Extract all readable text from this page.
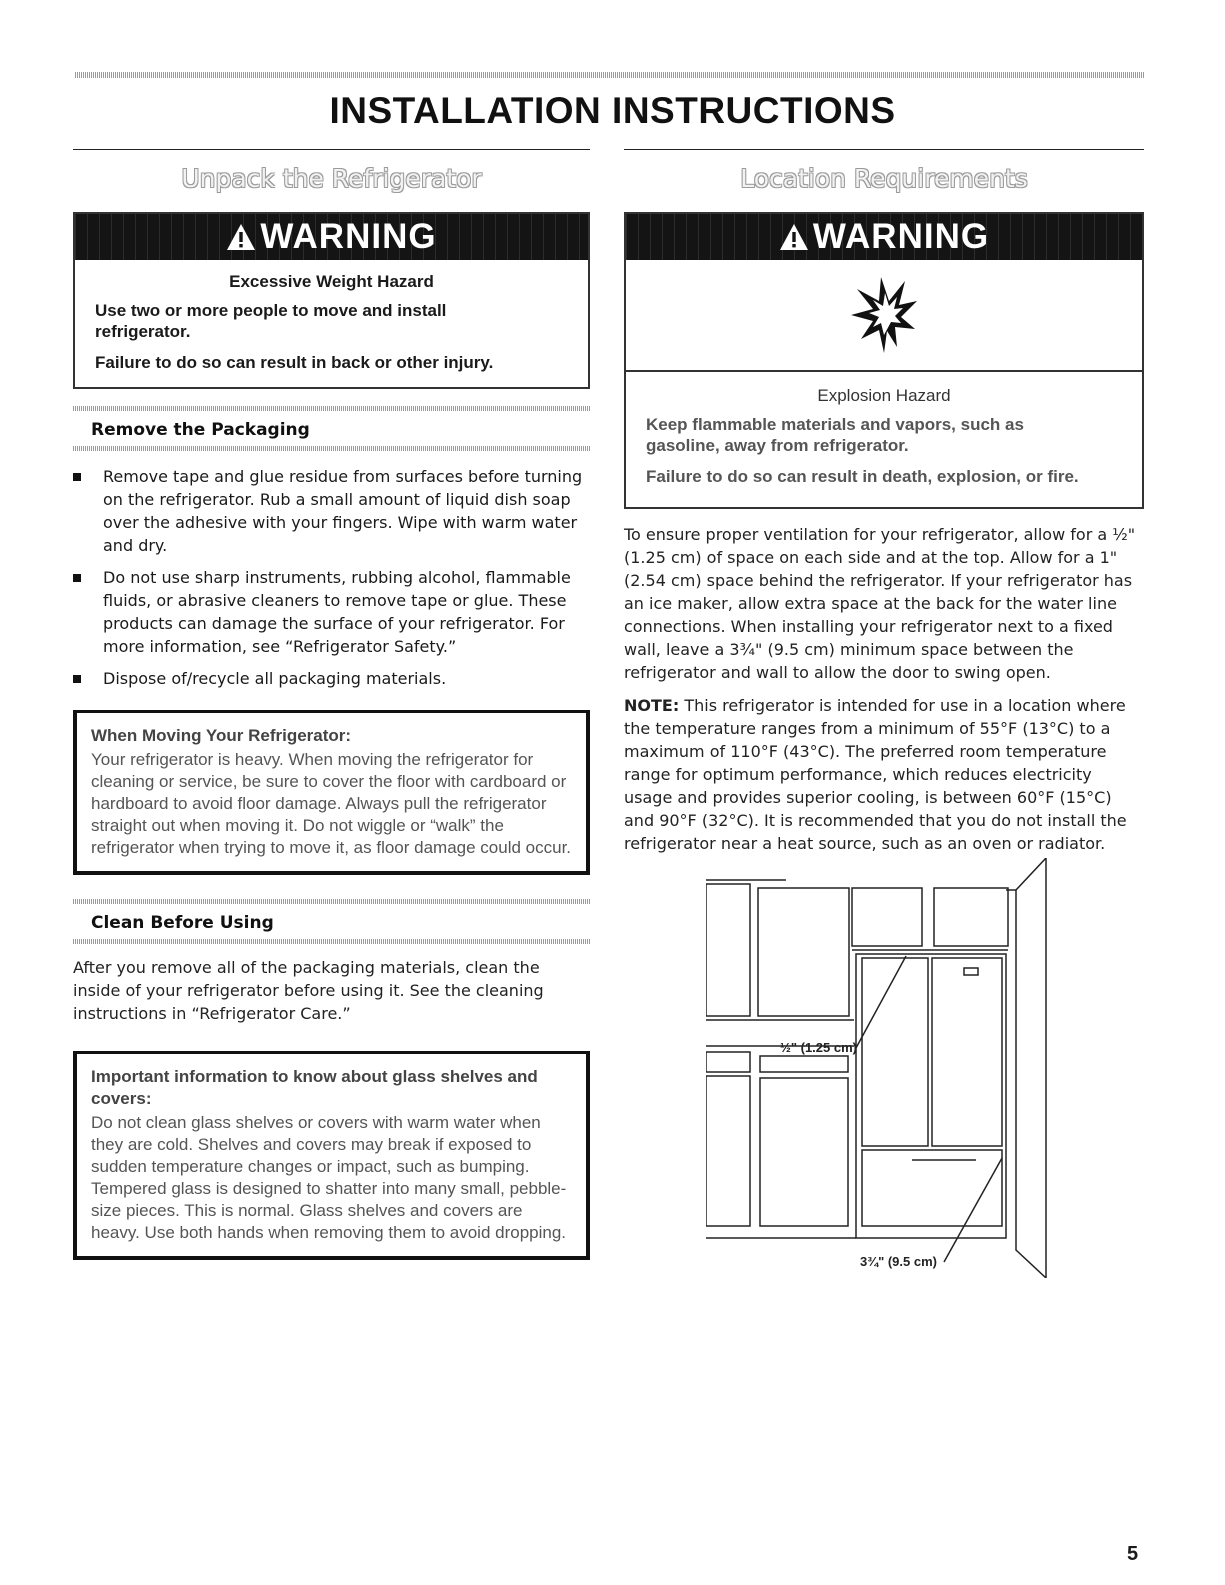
INSTALLATION INSTRUCTIONS
Unpack the Refrigerator
WARNING

Excessive Weight Hazard

Use two or more people to move and install refrigerator.

Failure to do so can result in back or other injury.

Remove the Packaging

Remove tape and glue residue from surfaces before turning on the refrigerator. Rub a small amount of liquid dish soap over the adhesive with your fingers. Wipe with warm water and dry.
Do not use sharp instruments, rubbing alcohol, flammable fluids, or abrasive cleaners to remove tape or glue. These products can damage the surface of your refrigerator. For more information, see “Refrigerator Safety.”
Dispose of/recycle all packaging materials.

When Moving Your Refrigerator:

Your refrigerator is heavy. When moving the refrigerator for cleaning or service, be sure to cover the floor with cardboard or hardboard to avoid floor damage. Always pull the refrigerator straight out when moving it. Do not wiggle or “walk” the refrigerator when trying to move it, as floor damage could occur.

Clean Before Using

After you remove all of the packaging materials, clean the inside of your refrigerator before using it. See the cleaning instructions in “Refrigerator Care.”

Important information to know about glass shelves and covers:

Do not clean glass shelves or covers with warm water when they are cold. Shelves and covers may break if exposed to sudden temperature changes or impact, such as bumping. Tempered glass is designed to shatter into many small, pebble-size pieces. This is normal. Glass shelves and covers are heavy. Use both hands when removing them to avoid dropping.

Location Requirements
WARNING

Explosion Hazard

Keep flammable materials and vapors, such as gasoline, away from refrigerator.

Failure to do so can result in death, explosion, or fire.

To ensure proper ventilation for your refrigerator, allow for a ½" (1.25 cm) of space on each side and at the top. Allow for a 1" (2.54 cm) space behind the refrigerator. If your refrigerator has an ice maker, allow extra space at the back for the water line connections. When installing your refrigerator next to a fixed wall, leave a 3¾" (9.5 cm) minimum space between the refrigerator and wall to allow the door to swing open.

NOTE: This refrigerator is intended for use in a location where the temperature ranges from a minimum of 55°F (13°C) to a maximum of 110°F (43°C). The preferred room temperature range for optimum performance, which reduces electricity usage and provides superior cooling, is between 60°F (15°C) and 90°F (32°C). It is recommended that you do not install the refrigerator near a heat source, such as an oven or radiator.

½" (1.25 cm)
3¾" (9.5 cm)
5
